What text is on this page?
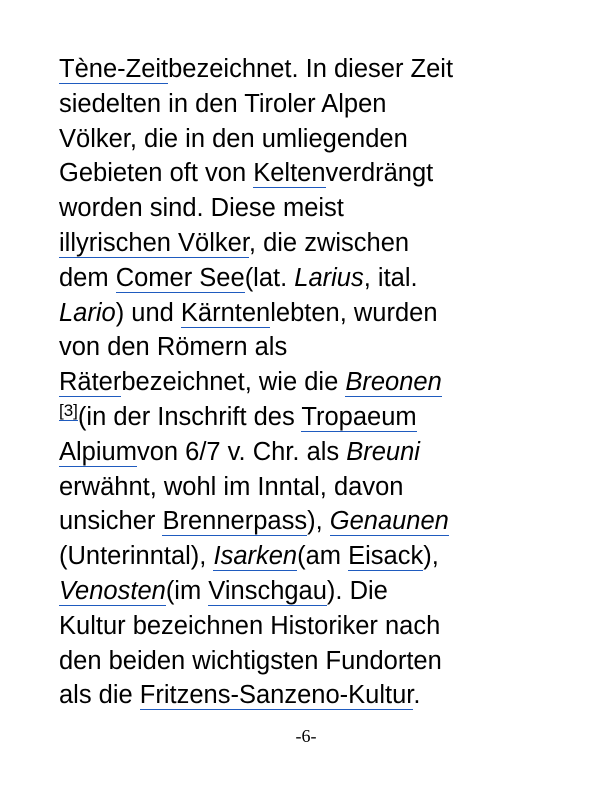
Tène-Zeitbezeichnet. In dieser Zeit
siedelten in den Tiroler Alpen
Völker, die in den umliegenden
Gebieten oft von Keltenverdrängt
worden sind. Diese meist
illyrischen Völker, die zwischen
dem Comer See(lat. Larius, ital.
Lario) und Kärntenlebten, wurden
von den Römern als
Räterbezeichnet, wie die Breonen
[3](in der Inschrift des Tropaeum
Alpiumvon 6/7 v. Chr. als Breuni
erwähnt, wohl im Inntal, davon
unsicher Brennerpass), Genaunen
(Unterinntal), Isarken(am Eisack),
Venosten(im Vinschgau). Die
Kultur bezeichnen Historiker nach
den beiden wichtigsten Fundorten
als die Fritzens-Sanzeno-Kultur.

-6-
